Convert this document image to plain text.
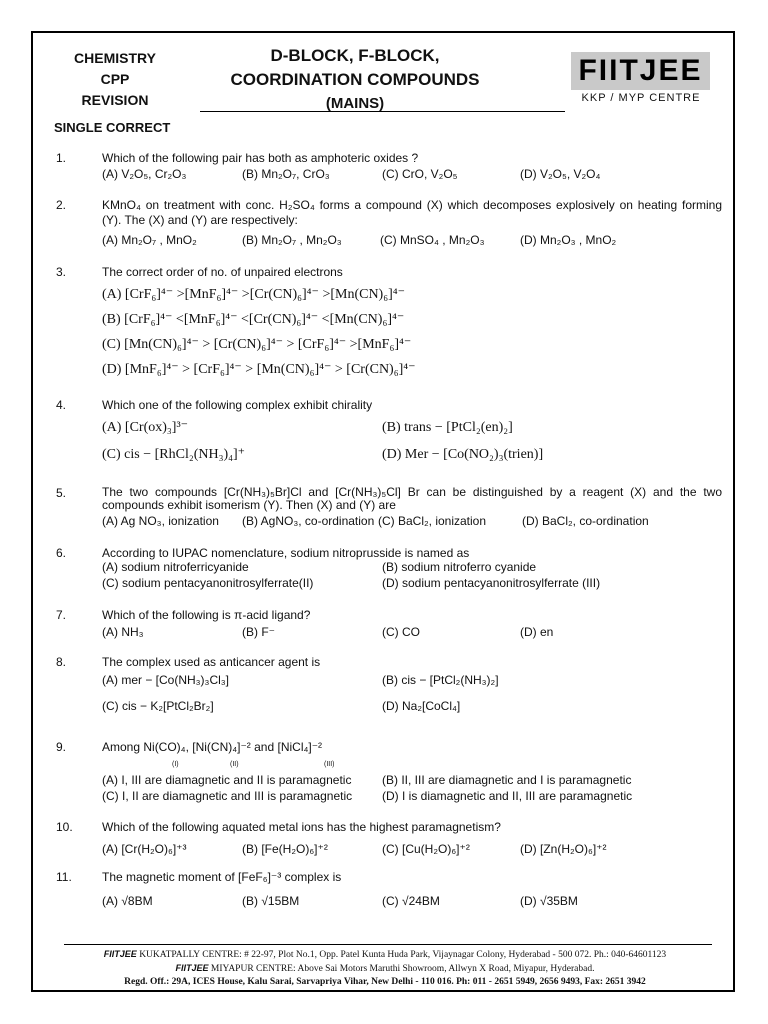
CHEMISTRY
CPP
REVISION
D-BLOCK, F-BLOCK,
COORDINATION COMPOUNDS
(MAINS)
FIITJEE
KKP / MYP CENTRE
SINGLE CORRECT
1.	Which of the following pair has both as amphoteric oxides ?
(A) V₂O₅, Cr₂O₃	(B) Mn₂O₇, CrO₃	(C) CrO, V₂O₅	(D) V₂O₅, V₂O₄
2.	KMnO₄ on treatment with conc. H₂SO₄ forms a compound (X) which decomposes explosively on heating forming (Y). The (X) and (Y) are respectively:
(A) Mn₂O₇ , MnO₂	(B) Mn₂O₇ , Mn₂O₃	(C) MnSO₄ , Mn₂O₃	(D) Mn₂O₃ , MnO₂
3.	The correct order of no. of unpaired electrons
(A) [CrF₆]⁴⁻ >[MnF₆]⁴⁻ >[Cr(CN)₆]⁴⁻ >[Mn(CN)₆]⁴⁻
(B) [CrF₆]⁴⁻ <[MnF₆]⁴⁻ <[Cr(CN)₆]⁴⁻ <[Mn(CN)₆]⁴⁻
(C) [Mn(CN)₆]⁴⁻ > [Cr(CN)₆]⁴⁻ > [CrF₆]⁴⁻ >[MnF₆]⁴⁻
(D) [MnF₆]⁴⁻ > [CrF₆]⁴⁻ > [Mn(CN)₆]⁴⁻ > [Cr(CN)₆]⁴⁻
4.	Which one of the following complex exhibit chirality
(A) [Cr(ox)₃]³⁻	(B) trans − [PtCl₂(en)₂]
(C) cis − [RhCl₂(NH₃)₄]⁺	(D) Mer − [Co(NO₂)₃(trien)]
5.	The two compounds [Cr(NH₃)₅Br]Cl and [Cr(NH₃)₅Cl] Br can be distinguished by a reagent (X) and the two compounds exhibit isomerism (Y). Then (X) and (Y) are
(A) Ag NO₃, ionization (B) AgNO₃, co-ordination (C) BaCl₂, ionization	(D) BaCl₂, co-ordination
6.	According to IUPAC nomenclature, sodium nitroprusside is named as
(A) sodium nitroferricyanide	(B) sodium nitroferro cyanide
(C) sodium pentacyanonitrosylferrate(II)	(D) sodium pentacyanonitrosylferrate (III)
7.	Which of the following is π-acid ligand?
(A) NH₃	(B) F⁻	(C) CO	(D) en
8.	The complex used as anticancer agent is
(A) mer − [Co(NH₃)₃Cl₃]	(B) cis − [PtCl₂(NH₃)₂]
(C) cis − K₂[PtCl₂Br₂]	(D) Na₂[CoCl₄]
9.	Among Ni(CO)₄, [Ni(CN)₄]⁻² and [NiCl₄]⁻²
(I)	(II)	(III)
(A) I, III are diamagnetic and II is paramagnetic	(B) II, III are diamagnetic and I is paramagnetic
(C) I, II are diamagnetic and III is paramagnetic (D) I is diamagnetic and II, III are paramagnetic
10. Which of the following aquated metal ions has the highest paramagnetism?
(A) [Cr(H₂O)₆]⁺³	(B) [Fe(H₂O)₆]⁺²	(C) [Cu(H₂O)₆]⁺²	(D) [Zn(H₂O)₆]⁺²
11.	The magnetic moment of [FeF₆]⁻³ complex is
(A) √8BM	(B) √15BM	(C) √24BM	(D) √35BM
FIITJEE KUKATPALLY CENTRE: # 22-97, Plot No.1, Opp. Patel Kunta Huda Park, Vijaynagar Colony, Hyderabad - 500 072. Ph.: 040-64601123
FIITJEE MIYAPUR CENTRE: Above Sai Motors Maruthi Showroom, Allwyn X Road, Miyapur, Hyderabad.
Regd. Off.: 29A, ICES House, Kalu Sarai, Sarvapriya Vihar, New Delhi - 110 016. Ph: 011 - 2651 5949, 2656 9493, Fax: 2651 3942
